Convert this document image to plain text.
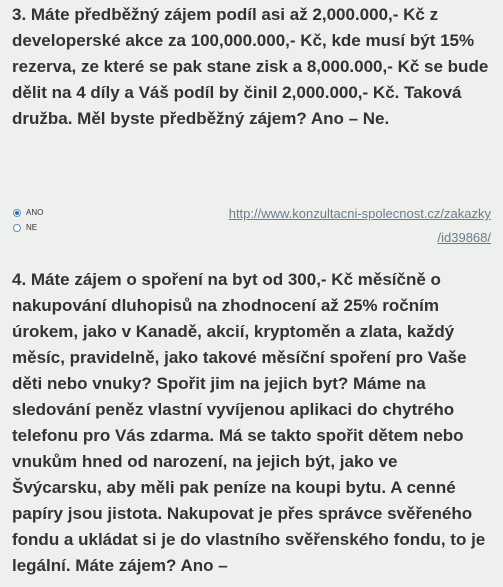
3. Máte předběžný zájem podíl asi až 2,000.000,- Kč z developerské akce za 100,000.000,- Kč, kde musí být 15% rezerva, ze které se pak stane zisk a 8,000.000,- Kč se bude dělit na 4 díly a Váš podíl by činil 2,000.000,- Kč. Taková družba. Měl byste předběžný zájem? Ano – Ne.

ANO
NE
http://www.konzultacni-spolecnost.cz/zakazky
/id39868/

4. Máte zájem o spoření na byt od 300,- Kč měsíčně o nakupování dluhopisů na zhodnocení až 25% ročním úrokem, jako v Kanadě, akcií, kryptoměn a zlata, každý měsíc, pravidelně, jako takové měsíční spoření pro Vaše děti nebo vnuky? Spořit jim na jejich byt? Máme na sledování peněz vlastní vyvíjenou aplikaci do chytrého telefonu pro Vás zdarma. Má se takto spořit dětem nebo vnukům hned od narození, na jejich být, jako ve Švýcarsku, aby měli pak peníze na koupi bytu. A cenné papíry jsou jistota. Nakupovat je přes správce svěřeného fondu a ukládat si je do vlastního svěřenského fondu, to je legální. Máte zájem? Ano –
